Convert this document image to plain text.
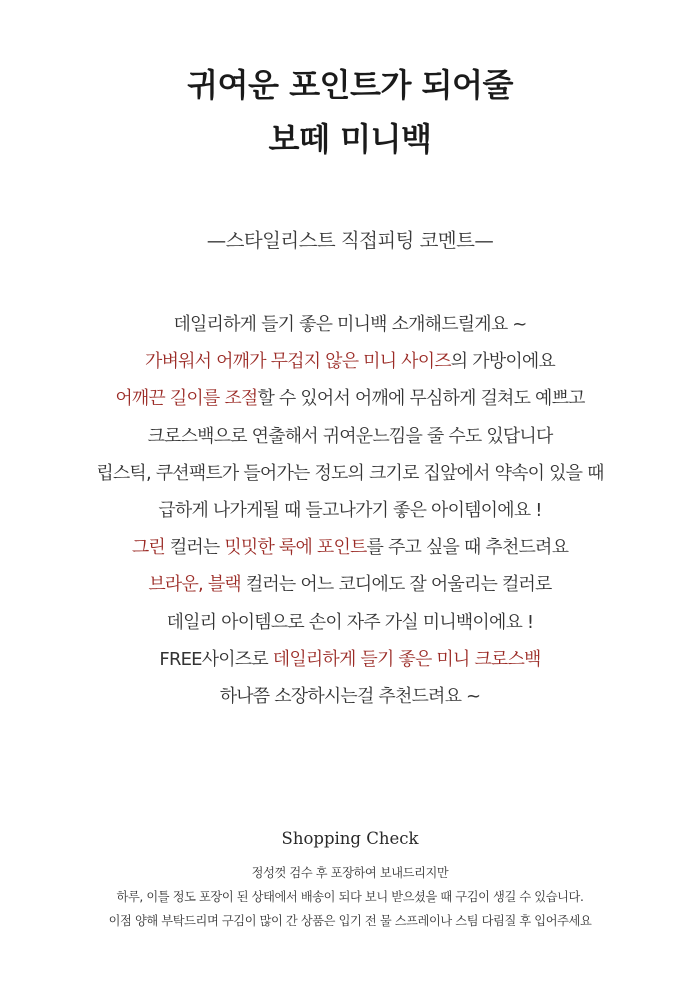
귀여운 포인트가 되어줄
보떼 미니백
—스타일리스트 직접피팅 코멘트—
데일리하게 들기 좋은 미니백 소개해드릴게요 ~
가벼워서 어깨가 무겁지 않은 미니 사이즈의 가방이에요
어깨끈 길이를 조절할 수 있어서 어깨에 무심하게 걸쳐도 예쁘고
크로스백으로 연출해서 귀여운느낌을 줄 수도 있답니다
립스틱, 쿠션팩트가 들어가는 정도의 크기로 집앞에서 약속이 있을 때
급하게 나가게될 때 들고나가기 좋은 아이템이에요 !
그린 컬러는 밋밋한 룩에 포인트를 주고 싶을 때 추천드려요
브라운, 블랙 컬러는 어느 코디에도 잘 어울리는 컬러로
데일리 아이템으로 손이 자주 가실 미니백이에요 !
FREE사이즈로 데일리하게 들기 좋은 미니 크로스백
하나쯤 소장하시는걸 추천드려요 ~
Shopping Check
정성껏 검수 후 포장하여 보내드리지만
하루, 이틀 정도 포장이 된 상태에서 배송이 되다 보니 받으셨을 때 구김이 생길 수 있습니다.
이점 양해 부탁드리며 구김이 많이 간 상품은 입기 전 물 스프레이나 스팀 다림질 후 입어주세요
